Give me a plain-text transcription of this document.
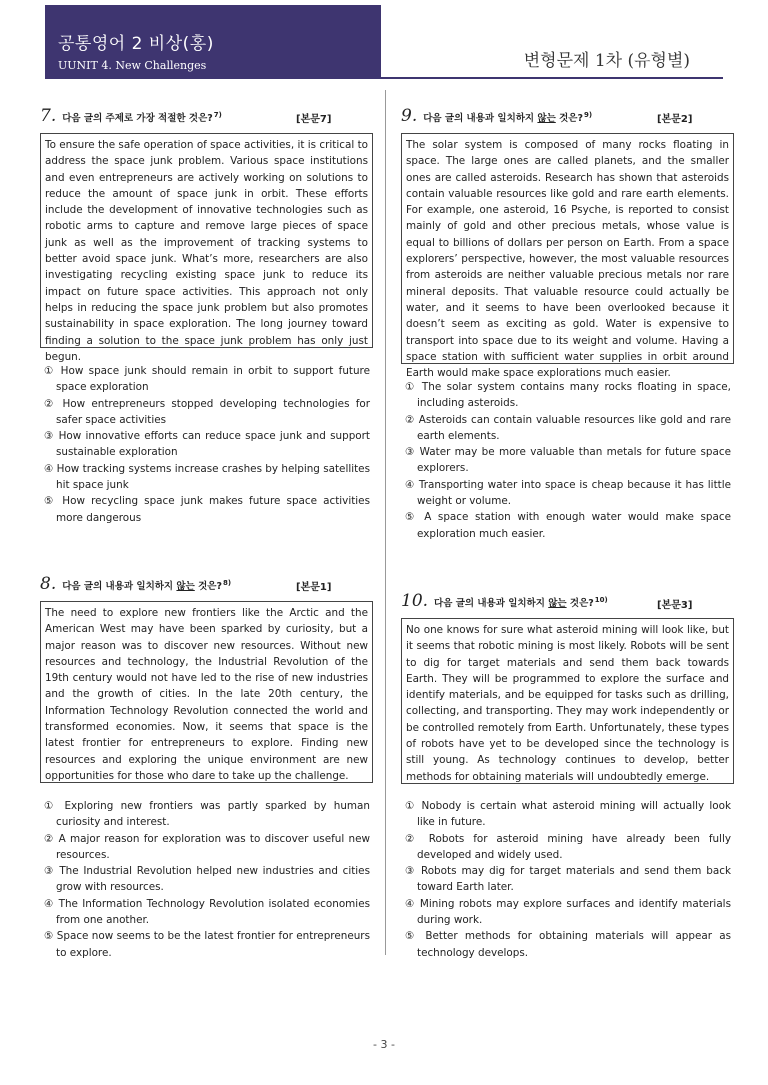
공통영어 2 비상(홍)
UUNIT 4. New Challenges	변형문제 1차 (유형별)
7. 다음 글의 주제로 가장 적절한 것은?$^{7)}$	[본문7]
To ensure the safe operation of space activities, it is critical to address the space junk problem. Various space institutions and even entrepreneurs are actively working on solutions to reduce the amount of space junk in orbit. These efforts include the development of innovative technologies such as robotic arms to capture and remove large pieces of space junk as well as the improvement of tracking systems to better avoid space junk. What’s more, researchers are also investigating recycling existing space junk to reduce its impact on future space activities. This approach not only helps in reducing the space junk problem but also promotes sustainability in space exploration. The long journey toward finding a solution to the space junk problem has only just begun.
① How space junk should remain in orbit to support future space exploration
② How entrepreneurs stopped developing technologies for safer space activities
③ How innovative efforts can reduce space junk and support sustainable exploration
④ How tracking systems increase crashes by helping satellites hit space junk
⑤ How recycling space junk makes future space activities more dangerous
8. 다음 글의 내용과 일치하지 않는 것은?$^{8)}$	[본문1]
The need to explore new frontiers like the Arctic and the American West may have been sparked by curiosity, but a major reason was to discover new resources. Without new resources and technology, the Industrial Revolution of the 19th century would not have led to the rise of new industries and the growth of cities. In the late 20th century, the Information Technology Revolution connected the world and transformed economies. Now, it seems that space is the latest frontier for entrepreneurs to explore. Finding new resources and exploring the unique environment are new opportunities for those who dare to take up the challenge.
① Exploring new frontiers was partly sparked by human curiosity and interest.
② A major reason for exploration was to discover useful new resources.
③ The Industrial Revolution helped new industries and cities grow with resources.
④ The Information Technology Revolution isolated economies from one another.
⑤ Space now seems to be the latest frontier for entrepreneurs to explore.
9. 다음 글의 내용과 일치하지 않는 것은?$^{9)}$	[본문2]
The solar system is composed of many rocks floating in space. The large ones are called planets, and the smaller ones are called asteroids. Research has shown that asteroids contain valuable resources like gold and rare earth elements. For example, one asteroid, 16 Psyche, is reported to consist mainly of gold and other precious metals, whose value is equal to billions of dollars per person on Earth. From a space explorers’ perspective, however, the most valuable resources from asteroids are neither valuable precious metals nor rare mineral deposits. That valuable resource could actually be water, and it seems to have been overlooked because it doesn’t seem as exciting as gold. Water is expensive to transport into space due to its weight and volume. Having a space station with sufficient water supplies in orbit around Earth would make space explorations much easier.
① The solar system contains many rocks floating in space, including asteroids.
② Asteroids can contain valuable resources like gold and rare earth elements.
③ Water may be more valuable than metals for future space explorers.
④ Transporting water into space is cheap because it has little weight or volume.
⑤ A space station with enough water would make space exploration much easier.
10. 다음 글의 내용과 일치하지 않는 것은?$^{10)}$
[본문3]
No one knows for sure what asteroid mining will look like, but it seems that robotic mining is most likely. Robots will be sent to dig for target materials and send them back towards Earth. They will be programmed to explore the surface and identify materials, and be equipped for tasks such as drilling, collecting, and transporting. They may work independently or be controlled remotely from Earth. Unfortunately, these types of robots have yet to be developed since the technology is still young. As technology continues to develop, better methods for obtaining materials will undoubtedly emerge.
① Nobody is certain what asteroid mining will actually look like in future.
② Robots for asteroid mining have already been fully developed and widely used.
③ Robots may dig for target materials and send them back toward Earth later.
④ Mining robots may explore surfaces and identify materials during work.
⑤ Better methods for obtaining materials will appear as technology develops.
- 3 -
